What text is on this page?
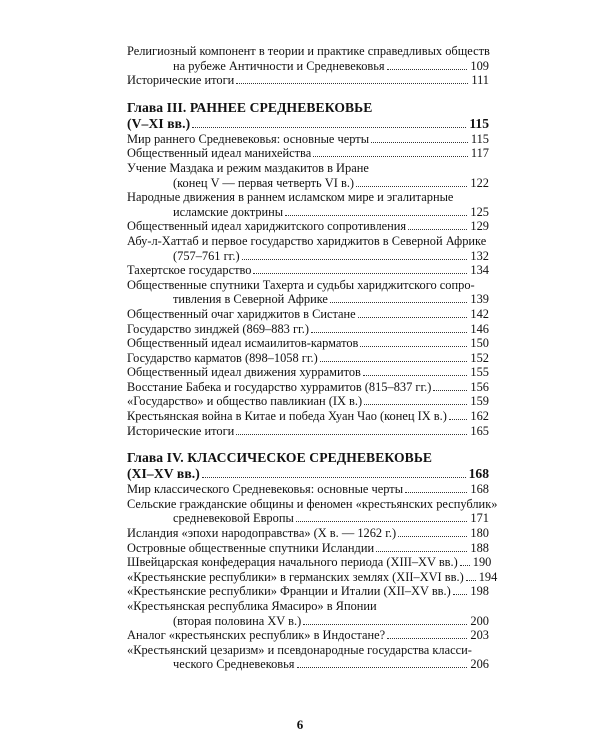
Религиозный компонент в теории и практике справедливых обществ
на рубеже Античности и Средневековья	109
Исторические итоги	111
Глава III. РАННЕЕ СРЕДНЕВЕКОВЬЕ
(V–XI вв.)	115
Мир раннего Средневековья: основные черты	115
Общественный идеал манихейства	117
Учение Маздака и режим маздакитов в Иране
(конец V — первая четверть VI в.)	122
Народные движения в раннем исламском мире и эгалитарные
исламские доктрины	125
Общественный идеал хариджитского сопротивления	129
Абу-л-Хаттаб и первое государство хариджитов в Северной Африке
(757–761 гг.)	132
Тахертское государство	134
Общественные спутники Тахерта и судьбы хариджитского сопро-
тивления в Северной Африке	139
Общественный очаг хариджитов в Систане	142
Государство зинджей (869–883 гг.)	146
Общественный идеал исмаилитов-карматов	150
Государство карматов (898–1058 гг.)	152
Общественный идеал движения хуррамитов	155
Восстание Бабека и государство хуррамитов (815–837 гг.)	156
«Государство» и общество павликиан (IX в.)	159
Крестьянская война в Китае и победа Хуан Чао (конец IX в.) 162
Исторические итоги	165
Глава IV. КЛАССИЧЕСКОЕ СРЕДНЕВЕКОВЬЕ
(XI–XV вв.)	168
Мир классического Средневековья: основные черты	168
Сельские гражданские общины и феномен «крестьянских республик»
средневековой Европы	171
Исландия «эпохи народоправства» (X в. — 1262 г.)	180
Островные общественные спутники Исландии	188
Швейцарская конфедерация начального периода (XIII–XV вв.) 190
«Крестьянские республики» в германских землях (XII–XVI вв.) 194
«Крестьянские республики» Франции и Италии (XII–XV вв.) 198
«Крестьянская республика Ямасиро» в Японии
(вторая половина XV в.)	200
Аналог «крестьянских республик» в Индостане?	203
«Крестьянский цезаризм» и псевдонародные государства класси-
ческого Средневековья	206
6
